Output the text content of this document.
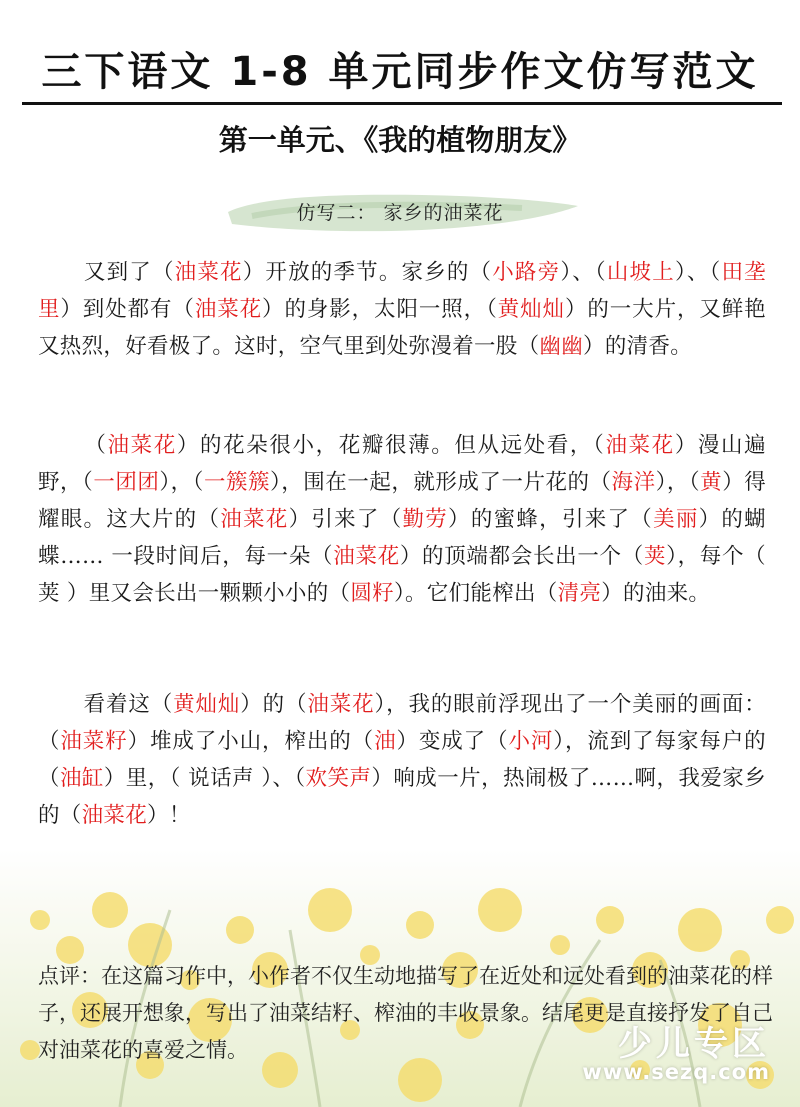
三下语文 1-8 单元同步作文仿写范文
第一单元、《我的植物朋友》
仿写二： 家乡的油菜花
又到了（油菜花）开放的季节。家乡的（小路旁）、（山坡上）、（田垄里）到处都有（油菜花）的身影，太阳一照，（黄灿灿）的一大片，又鲜艳又热烈，好看极了。这时，空气里到处弥漫着一股（幽幽）的清香。
（油菜花）的花朵很小，花瓣很薄。但从远处看，（油菜花）漫山遍野，（一团团），（一簇簇），围在一起，就形成了一片花的（海洋），（黄）得耀眼。这大片的（油菜花）引来了（勤劳）的蜜蜂，引来了（美丽）的蝴蝶…… 一段时间后，每一朵（油菜花）的顶端都会长出一个（荚），每个（ 荚 ）里又会长出一颗颗小小的（圆籽）。它们能榨出（清亮）的油来。
看着这（黄灿灿）的（油菜花），我的眼前浮现出了一个美丽的画面：（油菜籽）堆成了小山，榨出的（油）变成了（小河），流到了每家每户的（油缸）里，（ 说话声 ）、（欢笑声）响成一片，热闹极了……啊，我爱家乡的（油菜花）！
点评：在这篇习作中，小作者不仅生动地描写了在近处和远处看到的油菜花的样子，还展开想象，写出了油菜结籽、榨油的丰收景象。结尾更是直接抒发了自己对油菜花的喜爱之情。	少儿专区
www.sezq.com
